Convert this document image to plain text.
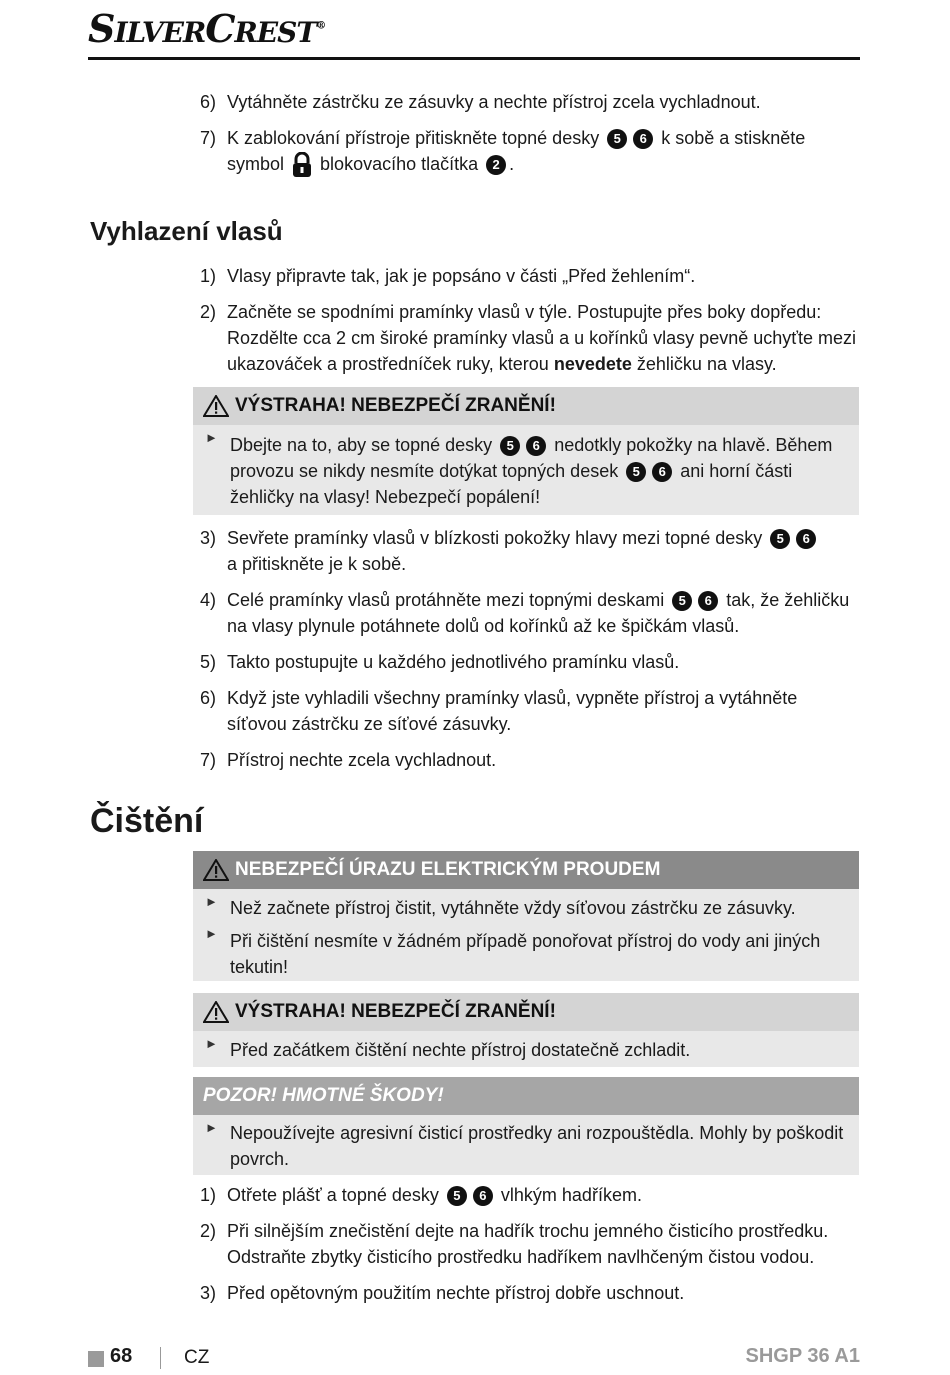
SILVERCREST®
6) Vytáhněte zástrčku ze zásuvky a nechte přístroj zcela vychladnout.
7) K zablokování přístroje přitiskněte topné desky 5 6 k sobě a stiskněte symbol blokovacího tlačítka 2 .
Vyhlazení vlasů
1) Vlasy připravte tak, jak je popsáno v části „Před žehlením“.
2) Začněte se spodními pramínky vlasů v týle. Postupujte přes boky dopředu: Rozdělte cca 2 cm široké pramínky vlasů a u kořínků vlasy pevně uchyťte mezi ukazováček a prostředníček ruky, kterou nevedete žehličku na vlasy.
VÝSTRAHA! NEBEZPEČÍ ZRANĚNÍ!
► Dbejte na to, aby se topné desky 5 6 nedotkly pokožky na hlavě. Během provozu se nikdy nesmíte dotýkat topných desek 5 6 ani horní části žehličky na vlasy! Nebezpečí popálení!
3) Sevřete pramínky vlasů v blízkosti pokožky hlavy mezi topné desky 5 6
a přitiskněte je k sobě.
4) Celé pramínky vlasů protáhněte mezi topnými deskami 5 6 tak, že žehličku na vlasy plynule potáhnete dolů od kořínků až ke špičkám vlasů.
5) Takto postupujte u každého jednotlivého pramínku vlasů.
6) Když jste vyhladili všechny pramínky vlasů, vypněte přístroj a vytáhněte síťovou zástrčku ze síťové zásuvky.
7) Přístroj nechte zcela vychladnout.
Čištění
NEBEZPEČÍ ÚRAZU ELEKTRICKÝM PROUDEM
► Než začnete přístroj čistit, vytáhněte vždy síťovou zástrčku ze zásuvky.
► Při čištění nesmíte v žádném případě ponořovat přístroj do vody ani jiných tekutin!
VÝSTRAHA! NEBEZPEČÍ ZRANĚNÍ!
► Před začátkem čištění nechte přístroj dostatečně zchladit.
POZOR! HMOTNÉ ŠKODY!
► Nepoužívejte agresivní čisticí prostředky ani rozpouštědla. Mohly by poškodit povrch.
1) Otřete plášť a topné desky 5 6 vlhkým hadříkem.
2) Při silnějším znečistění dejte na hadřík trochu jemného čisticího prostředku. Odstraňte zbytky čisticího prostředku hadříkem navlhčeným čistou vodou.
3) Před opětovným použitím nechte přístroj dobře uschnout.
68	CZ	SHGP 36 A1
